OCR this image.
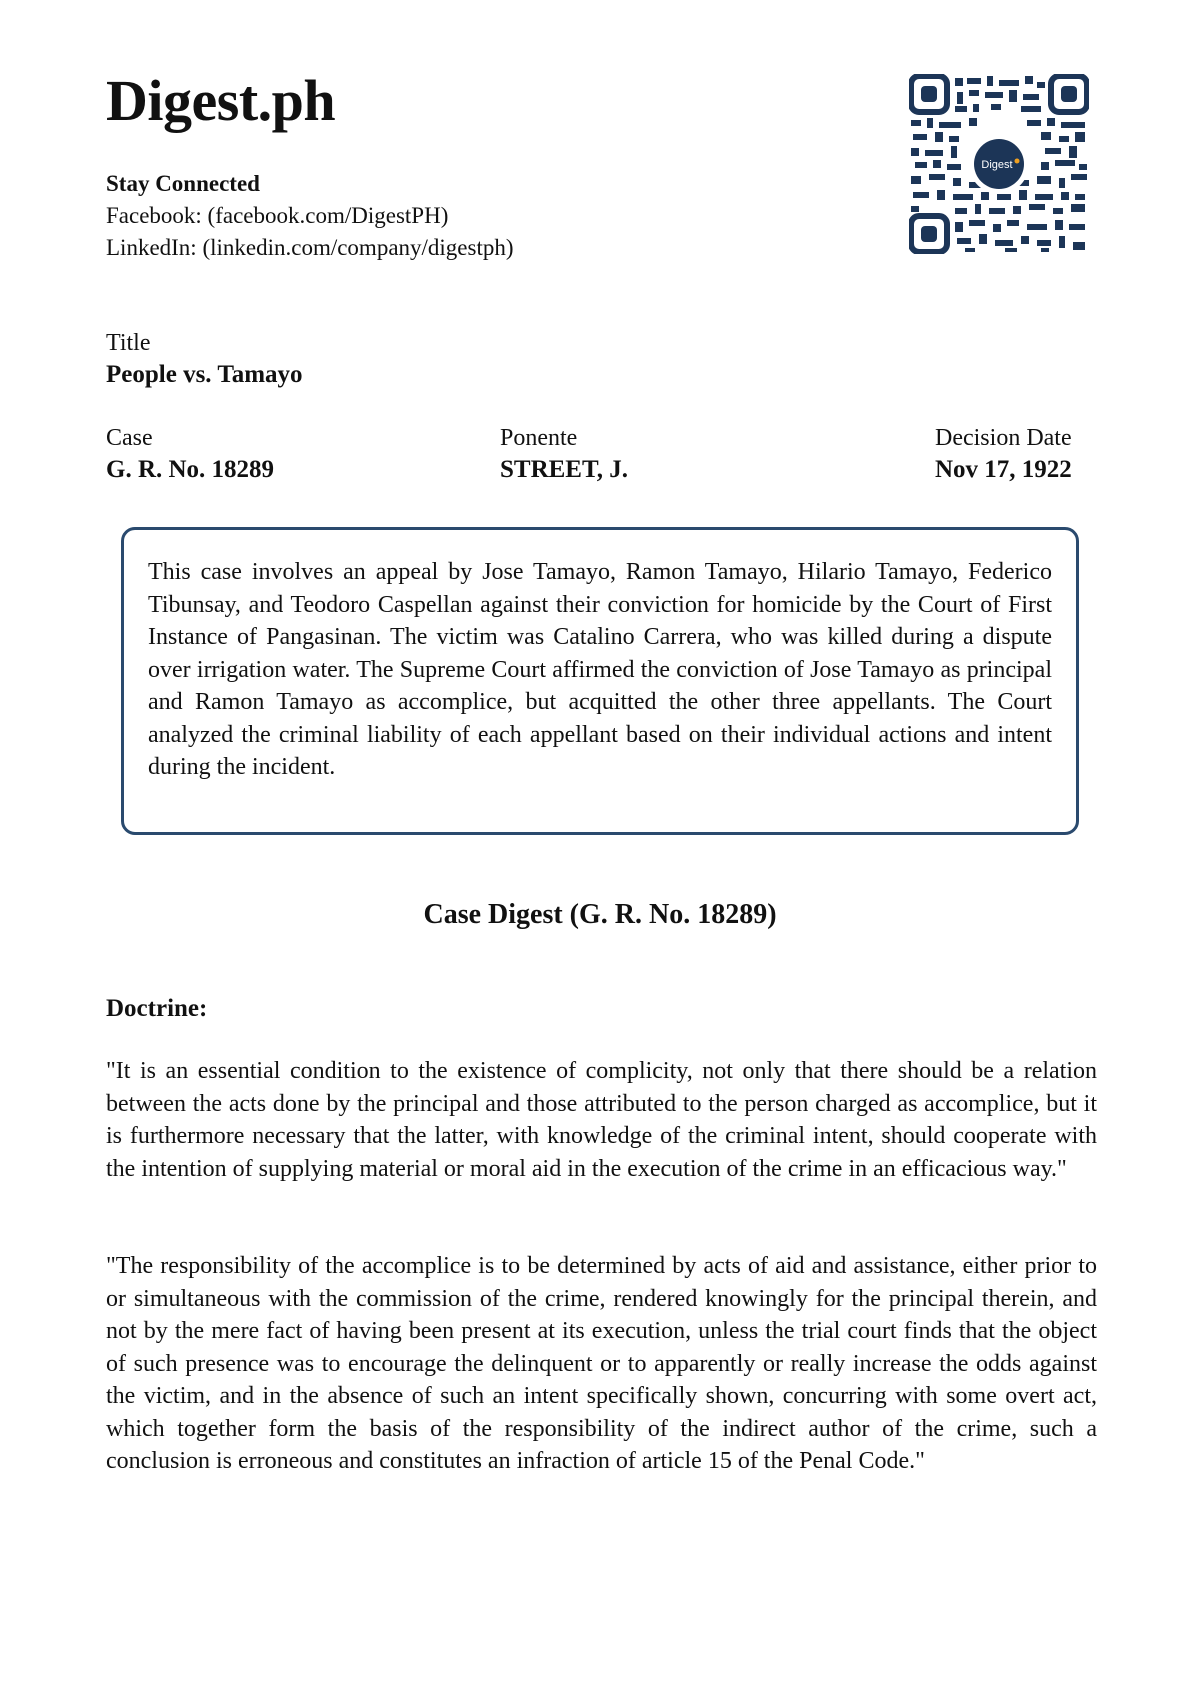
Digest.ph
Stay Connected
Facebook: (facebook.com/DigestPH)
LinkedIn: (linkedin.com/company/digestph)
Digest
Title
People vs. Tamayo
Case
G. R. No. 18289
Ponente
STREET, J.
Decision Date
Nov 17, 1922

This case involves an appeal by Jose Tamayo, Ramon Tamayo, Hilario Tamayo, Federico Tibunsay, and Teodoro Caspellan against their conviction for homicide by the Court of First Instance of Pangasinan. The victim was Catalino Carrera, who was killed during a dispute over irrigation water. The Supreme Court affirmed the conviction of Jose Tamayo as principal and Ramon Tamayo as accomplice, but acquitted the other three appellants. The Court analyzed the criminal liability of each appellant based on their individual actions and intent during the incident.

Case Digest (G. R. No. 18289)
Doctrine:

"It is an essential condition to the existence of complicity, not only that there should be a relation between the acts done by the principal and those attributed to the person charged as accomplice, but it is furthermore necessary that the latter, with knowledge of the criminal intent, should cooperate with the intention of supplying material or moral aid in the execution of the crime in an efficacious way."

"The responsibility of the accomplice is to be determined by acts of aid and assistance, either prior to or simultaneous with the commission of the crime, rendered knowingly for the principal therein, and not by the mere fact of having been present at its execution, unless the trial court finds that the object of such presence was to encourage the delinquent or to apparently or really increase the odds against the victim, and in the absence of such an intent specifically shown, concurring with some overt act, which together form the basis of the responsibility of the indirect author of the crime, such a conclusion is erroneous and constitutes an infraction of article 15 of the Penal Code."
